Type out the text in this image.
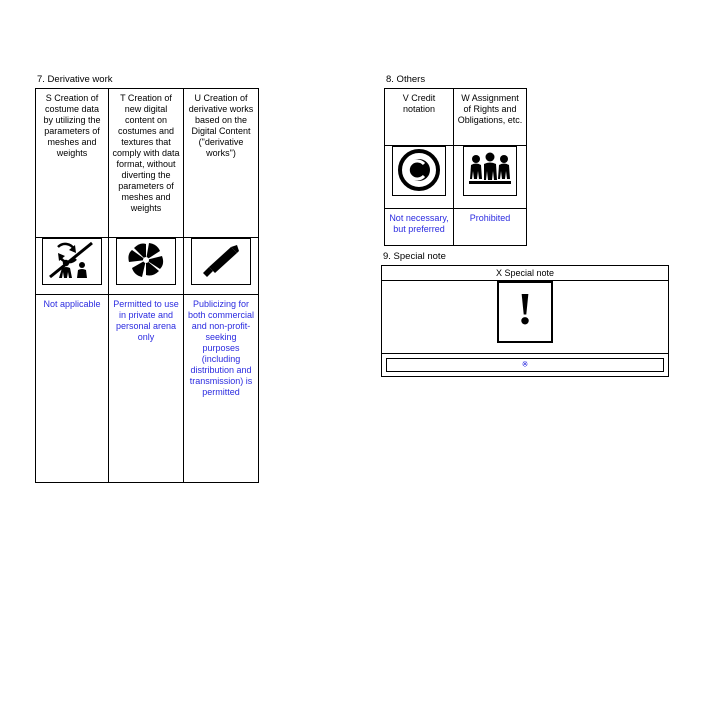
7. Derivative work
S Creation of costume data by utilizing the parameters of meshes and weights	T Creation of new digital content on costumes and textures that comply with data format, without diverting the parameters of meshes and weights	U Creation of derivative works based on the Digital Content ("derivative works")

Not applicable	Permitted to use in private and personal arena only	Publicizing for both commercial and non-profit-seeking purposes (including distribution and transmission) is permitted
8. Others
V Credit notation	W Assignment of Rights and Obligations, etc.

Not necessary, but preferred	Prohibited
9. Special note
X Special note
!

※
